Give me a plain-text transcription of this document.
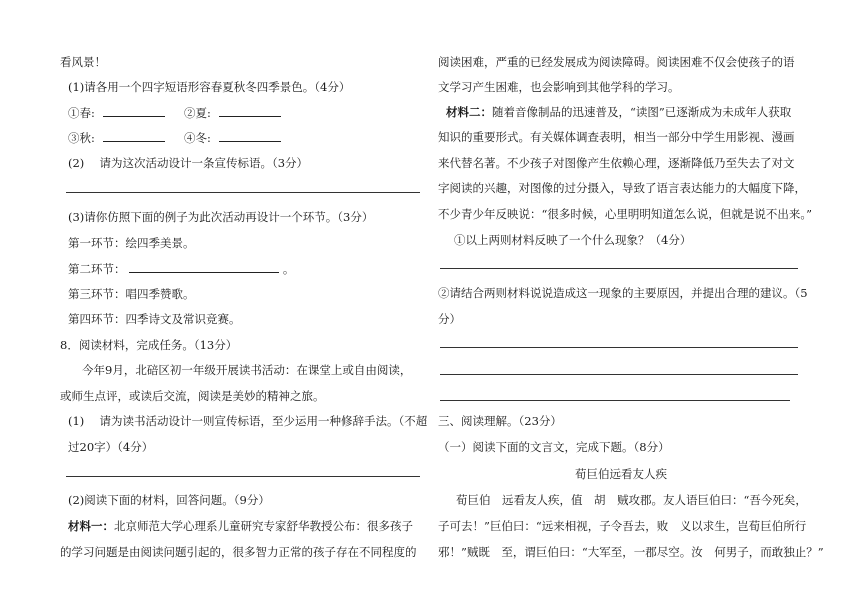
看风景！
(1)请各用一个四字短语形容春夏秋冬四季景色。（4分）
①春:	②夏:
③秋:	④冬:
(2)　 请为这次活动设计一条宣传标语。（3分）
(3)请你仿照下面的例子为此次活动再设计一个环节。（3分）
第一环节：绘四季美景。
第二环节：	。
第三环节：唱四季赞歌。
第四环节：四季诗文及常识竞赛。
8．阅读材料，完成任务。（13分）
今年9月，北碚区初一年级开展读书活动：在课堂上或自由阅读，
或师生点评，或读后交流，阅读是美妙的精神之旅。
(1)　 请为读书活动设计一则宣传标语，至少运用一种修辞手法。（不超
过20字）（4分）
(2)阅读下面的材料，回答问题。（9分）
材料一：北京师范大学心理系儿童研究专家舒华教授公布：很多孩子
的学习问题是由阅读问题引起的，很多智力正常的孩子存在不同程度的
阅读困难，严重的已经发展成为阅读障碍。阅读困难不仅会使孩子的语
文学习产生困难，也会影响到其他学科的学习。
材料二：随着音像制品的迅速普及，“读图”已逐渐成为未成年人获取
知识的重要形式。有关媒体调查表明，相当一部分中学生用影视、漫画
来代替名著。不少孩子对图像产生依赖心理，逐渐降低乃至失去了对文
字阅读的兴趣，对图像的过分摄入，导致了语言表达能力的大幅度下降，
不少青少年反映说：“很多时候，心里明明知道怎么说，但就是说不出来。”
①以上两则材料反映了一个什么现象？（4分）
②请结合两则材料说说造成这一现象的主要原因，并提出合理的建议。（5
分）
三、阅读理解。（23分）
（一）阅读下面的文言文，完成下题。（8分）
荀巨伯远看友人疾
荀巨伯　远看友人疾，值　胡　贼攻郡。友人语巨伯曰：“吾今死矣，
子可去！”巨伯曰：“远来相视，子令吾去，败　义以求生，岂荀巨伯所行
邪！”贼既　至，谓巨伯曰：“大军至，一郡尽空。汝　何男子，而敢独止？”
